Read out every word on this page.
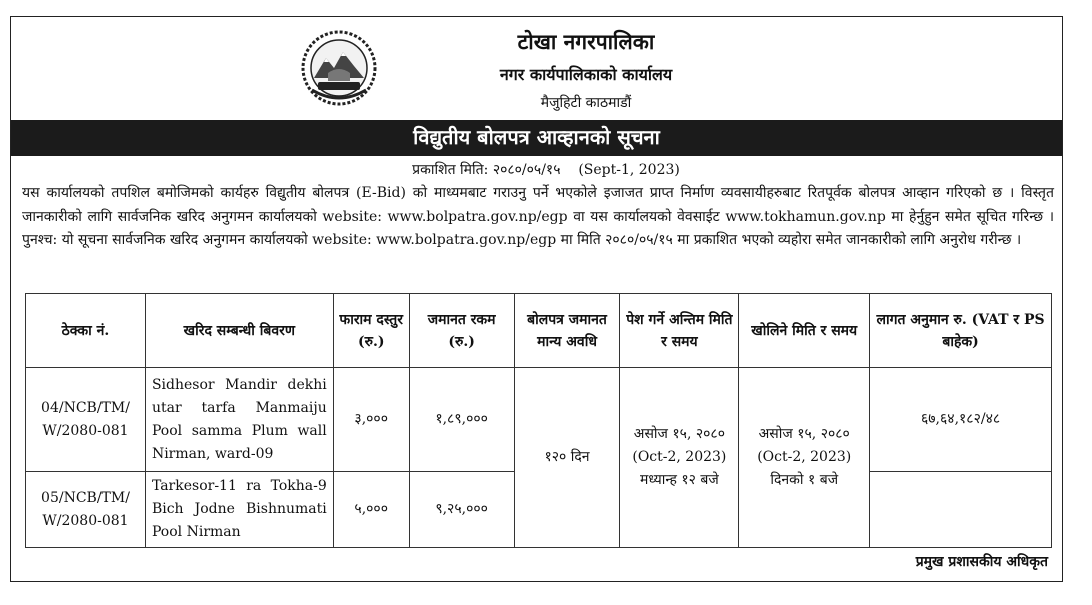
टोखा नगरपालिका
नगर कार्यपालिकाको कार्यालय
मैजुहिटी काठमाडौं
विद्युतीय बोलपत्र आव्हानको सूचना
प्रकाशित मिति: २०८०/०५/१५ (Sept-1, 2023)
यस कार्यालयको तपशिल बमोजिमको कार्यहरु विद्युतीय बोलपत्र (E-Bid) को माध्यमबाट गराउनु पर्ने भएकोले इजाजत प्राप्त निर्माण व्यवसायीहरुबाट रितपूर्वक बोलपत्र आव्हान गरिएको छ । विस्तृत जानकारीको लागि सार्वजनिक खरिद अनुगमन कार्यालयको website: www.bolpatra.gov.np/egp वा यस कार्यालयको वेवसाईट www.tokhamun.gov.np मा हेर्नुहुन समेत सूचित गरिन्छ । पुनश्च: यो सूचना सार्वजनिक खरिद अनुगमन कार्यालयको website: www.bolpatra.gov.np/egp मा मिति २०८०/०५/१५ मा प्रकाशित भएको व्यहोरा समेत जानकारीको लागि अनुरोध गरीन्छ ।
ठेक्का नं.	खरिद सम्बन्धी बिवरण	फाराम दस्तुर (रु.)	जमानत रकम (रु.)	बोलपत्र जमानत मान्य अवधि	पेश गर्ने अन्तिम मिति र समय	खोलिने मिति र समय	लागत अनुमान रु. (VAT र PS बाहेक)
04/NCB/TM/ W/2080-081	Sidhesor Mandir dekhi utar tarfa Manmaiju Pool samma Plum wall Nirman, ward-09	३,०००	१,८९,०००	१२० दिन	असोज १५, २०८० (Oct-2, 2023) मध्यान्ह १२ बजे	असोज १५, २०८० (Oct-2, 2023) दिनको १ बजे	६७,६४,१८२/४८
05/NCB/TM/ W/2080-081	Tarkesor-11 ra Tokha-9 Bich Jodne Bishnumati Pool Nirman	५,०००	९,२५,०००				
प्रमुख प्रशासकीय अधिकृत
